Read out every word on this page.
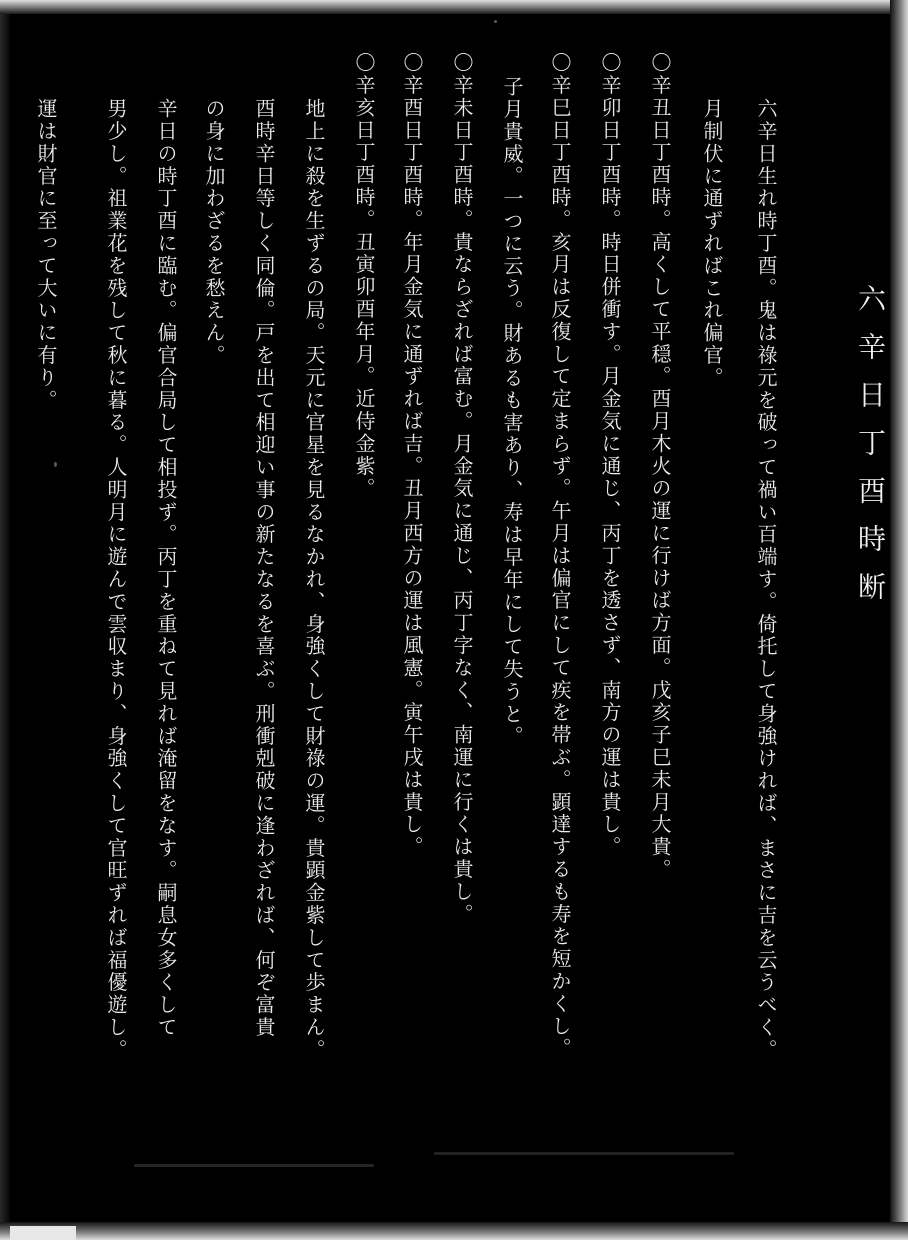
六辛日丁酉時断
六辛日生れ時丁酉。鬼は祿元を破って禍い百端す。倚托して身強ければ、まさに吉を云うべく。
月制伏に通ずればこれ偏官。
〇辛丑日丁酉時。高くして平穏。酉月木火の運に行けば方面。戊亥子巳未月大貴。
〇辛卯日丁酉時。時日併衝す。月金気に通じ、丙丁を透さず、南方の運は貴し。
〇辛巳日丁酉時。亥月は反復して定まらず。午月は偏官にして疾を帯ぶ。顕達するも寿を短かくし。
子月貴威。一つに云う。財あるも害あり、寿は早年にして失うと。
〇辛未日丁酉時。貴ならざれば富む。月金気に通じ、丙丁字なく、南運に行くは貴し。
〇辛酉日丁酉時。年月金気に通ずれば吉。丑月西方の運は風憲。寅午戌は貴し。
〇辛亥日丁酉時。丑寅卯酉年月。近侍金紫。
地上に殺を生ずるの局。天元に官星を見るなかれ、身強くして財祿の運。貴顕金紫して歩まん。
酉時辛日等しく同倫。戸を出て相迎い事の新たなるを喜ぶ。刑衝剋破に逢わざれば、何ぞ富貴
の身に加わざるを愁えん。
辛日の時丁酉に臨む。偏官合局して相投ず。丙丁を重ねて見れば淹留をなす。嗣息女多くして
男少し。祖業花を残して秋に暮る。人明月に遊んで雲収まり、身強くして官旺ずれば福優遊し。
運は財官に至って大いに有り。
